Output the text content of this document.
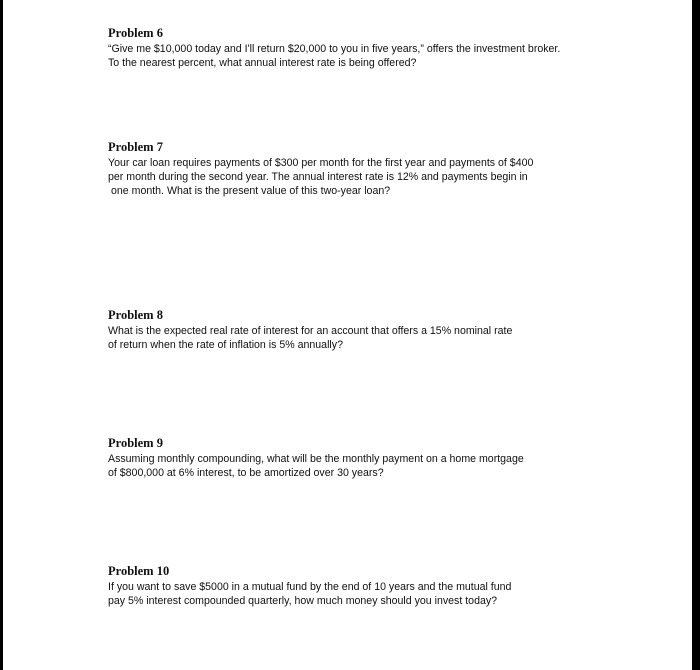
Problem 6
“Give me $10,000 today and I'll return $20,000 to you in five years,” offers the investment broker.
To the nearest percent, what annual interest rate is being offered?
Problem 7
Your car loan requires payments of $300 per month for the first year and payments of $400
per month during the second year. The annual interest rate is 12% and payments begin in
one month. What is the present value of this two-year loan?
Problem 8
What is the expected real rate of interest for an account that offers a 15% nominal rate
of return when the rate of inflation is 5% annually?
Problem 9
Assuming monthly compounding, what will be the monthly payment on a home mortgage
of $800,000 at 6% interest, to be amortized over 30 years?
Problem 10
If you want to save $5000 in a mutual fund by the end of 10 years and the mutual fund
pay 5% interest compounded quarterly, how much money should you invest today?
